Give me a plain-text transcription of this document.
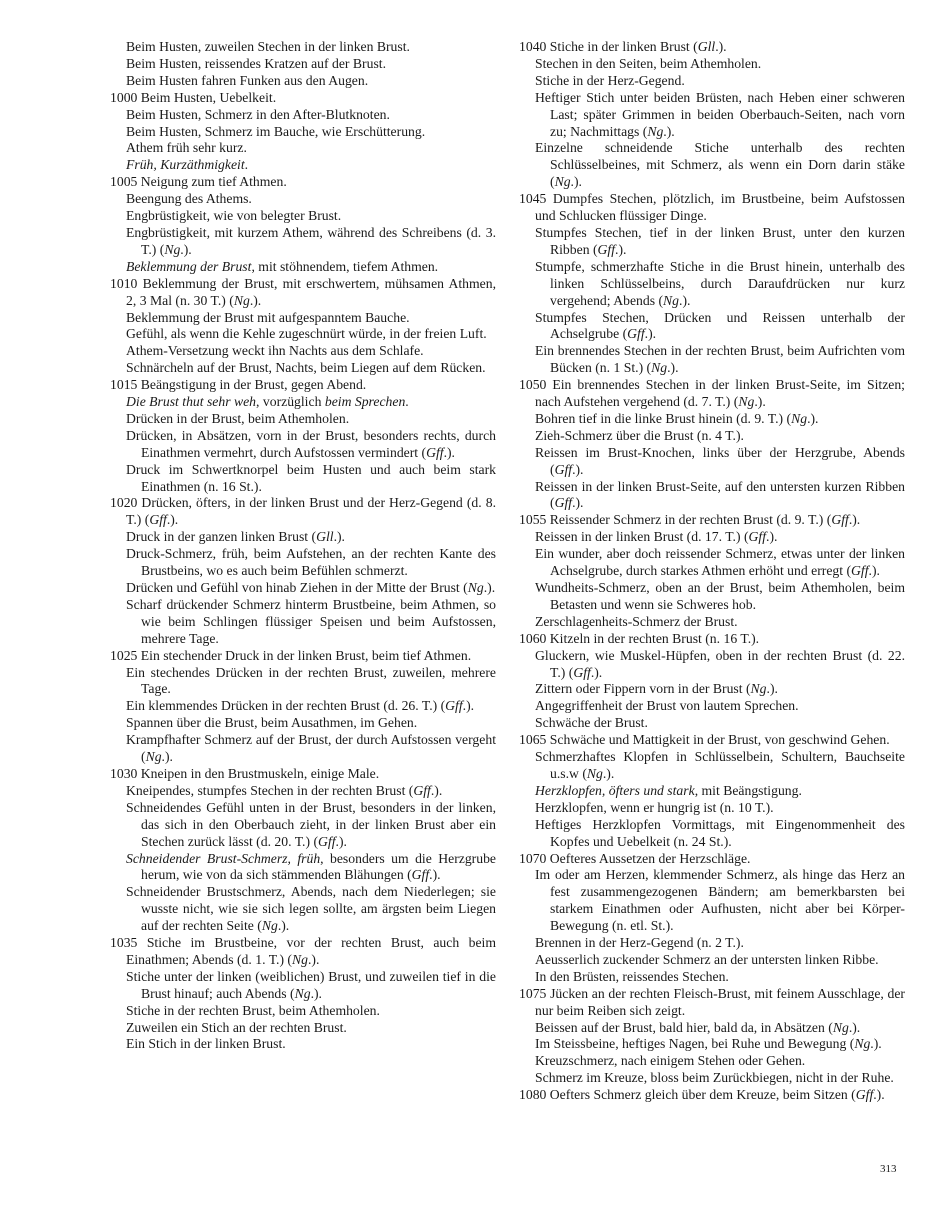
Beim Husten, zuweilen Stechen in der linken Brust.

Beim Husten, reissendes Kratzen auf der Brust.

Beim Husten fahren Funken aus den Augen.

1000 Beim Husten, Uebelkeit.

Beim Husten, Schmerz in den After-Blutknoten.

Beim Husten, Schmerz im Bauche, wie Erschütterung.

Athem früh sehr kurz.

Früh, Kurzäthmigkeit.

1005 Neigung zum tief Athmen.

Beengung des Athems.

Engbrüstigkeit, wie von belegter Brust.

Engbrüstigkeit, mit kurzem Athem, während des Schreibens (d. 3. T.) (Ng.).

Beklemmung der Brust, mit stöhnendem, tiefem Athmen.

1010 Beklemmung der Brust, mit erschwertem, mühsamen Athmen, 2, 3 Mal (n. 30 T.) (Ng.).

Beklemmung der Brust mit aufgespanntem Bauche.

Gefühl, als wenn die Kehle zugeschnürt würde, in der freien Luft.

Athem-Versetzung weckt ihn Nachts aus dem Schlafe.

Schnärcheln auf der Brust, Nachts, beim Liegen auf dem Rücken.

1015 Beängstigung in der Brust, gegen Abend.

Die Brust thut sehr weh, vorzüglich beim Sprechen.

Drücken in der Brust, beim Athemholen.

Drücken, in Absätzen, vorn in der Brust, besonders rechts, durch Einathmen vermehrt, durch Aufstossen vermindert (Gff.).

Druck im Schwertknorpel beim Husten und auch beim stark Einathmen (n. 16 St.).

1020 Drücken, öfters, in der linken Brust und der Herz-Gegend (d. 8. T.) (Gff.).

Druck in der ganzen linken Brust (Gll.).

Druck-Schmerz, früh, beim Aufstehen, an der rechten Kante des Brustbeins, wo es auch beim Befühlen schmerzt.

Drücken und Gefühl von hinab Ziehen in der Mitte der Brust (Ng.).

Scharf drückender Schmerz hinterm Brustbeine, beim Athmen, so wie beim Schlingen flüssiger Speisen und beim Aufstossen, mehrere Tage.

1025 Ein stechender Druck in der linken Brust, beim tief Athmen.

Ein stechendes Drücken in der rechten Brust, zuweilen, mehrere Tage.

Ein klemmendes Drücken in der rechten Brust (d. 26. T.) (Gff.).

Spannen über die Brust, beim Ausathmen, im Gehen.

Krampfhafter Schmerz auf der Brust, der durch Aufstossen vergeht (Ng.).

1030 Kneipen in den Brustmuskeln, einige Male.

Kneipendes, stumpfes Stechen in der rechten Brust (Gff.).

Schneidendes Gefühl unten in der Brust, besonders in der linken, das sich in den Oberbauch zieht, in der linken Brust aber ein Stechen zurück lässt (d. 20. T.) (Gff.).

Schneidender Brust-Schmerz, früh, besonders um die Herzgrube herum, wie von da sich stämmenden Blähungen (Gff.).

Schneidender Brustschmerz, Abends, nach dem Niederlegen; sie wusste nicht, wie sie sich legen sollte, am ärgsten beim Liegen auf der rechten Seite (Ng.).

1035 Stiche im Brustbeine, vor der rechten Brust, auch beim Einathmen; Abends (d. 1. T.) (Ng.).

Stiche unter der linken (weiblichen) Brust, und zuweilen tief in die Brust hinauf; auch Abends (Ng.).

Stiche in der rechten Brust, beim Athemholen.

Zuweilen ein Stich an der rechten Brust.

Ein Stich in der linken Brust.

1040 Stiche in der linken Brust (Gll.).

Stechen in den Seiten, beim Athemholen.

Stiche in der Herz-Gegend.

Heftiger Stich unter beiden Brüsten, nach Heben einer schweren Last; später Grimmen in beiden Oberbauch-Seiten, nach vorn zu; Nachmittags (Ng.).

Einzelne schneidende Stiche unterhalb des rechten Schlüsselbeines, mit Schmerz, als wenn ein Dorn darin stäke (Ng.).

1045 Dumpfes Stechen, plötzlich, im Brustbeine, beim Aufstossen und Schlucken flüssiger Dinge.

Stumpfes Stechen, tief in der linken Brust, unter den kurzen Ribben (Gff.).

Stumpfe, schmerzhafte Stiche in die Brust hinein, unterhalb des linken Schlüsselbeins, durch Daraufdrücken nur kurz vergehend; Abends (Ng.).

Stumpfes Stechen, Drücken und Reissen unterhalb der Achselgrube (Gff.).

Ein brennendes Stechen in der rechten Brust, beim Aufrichten vom Bücken (n. 1 St.) (Ng.).

1050 Ein brennendes Stechen in der linken Brust-Seite, im Sitzen; nach Aufstehen vergehend (d. 7. T.) (Ng.).

Bohren tief in die linke Brust hinein (d. 9. T.) (Ng.).

Zieh-Schmerz über die Brust (n. 4 T.).

Reissen im Brust-Knochen, links über der Herzgrube, Abends (Gff.).

Reissen in der linken Brust-Seite, auf den untersten kurzen Ribben (Gff.).

1055 Reissender Schmerz in der rechten Brust (d. 9. T.) (Gff.).

Reissen in der linken Brust (d. 17. T.) (Gff.).

Ein wunder, aber doch reissender Schmerz, etwas unter der linken Achselgrube, durch starkes Athmen erhöht und erregt (Gff.).

Wundheits-Schmerz, oben an der Brust, beim Athemholen, beim Betasten und wenn sie Schweres hob.

Zerschlagenheits-Schmerz der Brust.

1060 Kitzeln in der rechten Brust (n. 16 T.).

Gluckern, wie Muskel-Hüpfen, oben in der rechten Brust (d. 22. T.) (Gff.).

Zittern oder Fippern vorn in der Brust (Ng.).

Angegriffenheit der Brust von lautem Sprechen.

Schwäche der Brust.

1065 Schwäche und Mattigkeit in der Brust, von geschwind Gehen.

Schmerzhaftes Klopfen in Schlüsselbein, Schultern, Bauchseite u.s.w (Ng.).

Herzklopfen, öfters und stark, mit Beängstigung.

Herzklopfen, wenn er hungrig ist (n. 10 T.).

Heftiges Herzklopfen Vormittags, mit Eingenommenheit des Kopfes und Uebelkeit (n. 24 St.).

1070 Oefteres Aussetzen der Herzschläge.

Im oder am Herzen, klemmender Schmerz, als hinge das Herz an fest zusammengezogenen Bändern; am bemerkbarsten bei starkem Einathmen oder Aufhusten, nicht aber bei Körper-Bewegung (n. etl. St.).

Brennen in der Herz-Gegend (n. 2 T.).

Aeusserlich zuckender Schmerz an der untersten linken Ribbe.

In den Brüsten, reissendes Stechen.

1075 Jücken an der rechten Fleisch-Brust, mit feinem Ausschlage, der nur beim Reiben sich zeigt.

Beissen auf der Brust, bald hier, bald da, in Absätzen (Ng.).

Im Steissbeine, heftiges Nagen, bei Ruhe und Bewegung (Ng.).

Kreuzschmerz, nach einigem Stehen oder Gehen.

Schmerz im Kreuze, bloss beim Zurückbiegen, nicht in der Ruhe.

1080 Oefters Schmerz gleich über dem Kreuze, beim Sitzen (Gff.).

313
